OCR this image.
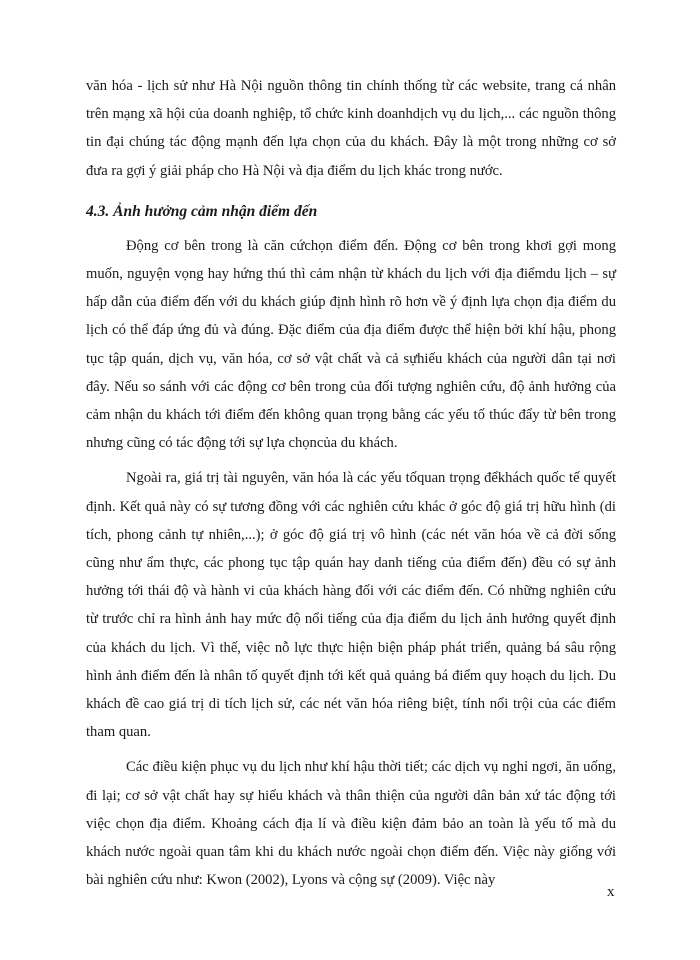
văn hóa - lịch sử như Hà Nội nguồn thông tin chính thống từ các website, trang cá nhân trên mạng xã hội của doanh nghiệp, tổ chức kinh doanhdịch vụ du lịch,... các nguồn thông tin đại chúng tác động mạnh đến lựa chọn của du khách. Đây là một trong những cơ sở đưa ra gợi ý giải pháp cho Hà Nội và địa điểm du lịch khác trong nước.

4.3. Ảnh hưởng cảm nhận điểm đến

Động cơ bên trong là căn cứchọn điểm đến. Động cơ bên trong khơi gợi mong muốn, nguyện vọng hay hứng thú thì cảm nhận từ khách du lịch với địa điểmdu lịch – sự hấp dẫn của điểm đến với du khách giúp định hình rõ hơn về ý định lựa chọn địa điểm du lịch có thể đáp ứng đủ và đúng. Đặc điểm của địa điểm được thể hiện bởi khí hậu, phong tục tập quán, dịch vụ, văn hóa, cơ sở vật chất và cả sựhiếu khách của người dân tại nơi đây. Nếu so sánh với các động cơ bên trong của đối tượng nghiên cứu, độ ảnh hưởng của cảm nhận du khách tới điểm đến không quan trọng bằng các yếu tố thúc đẩy từ bên trong nhưng cũng có tác động tới sự lựa chọncủa du khách.

Ngoài ra, giá trị tài nguyên, văn hóa là các yếu tốquan trọng đểkhách quốc tế quyết định. Kết quả này có sự tương đồng với các nghiên cứu khác ở góc độ giá trị hữu hình (di tích, phong cảnh tự nhiên,...); ở góc độ giá trị vô hình (các nét văn hóa về cả đời sống cũng như ẩm thực, các phong tục tập quán hay danh tiếng của điểm đến) đều có sự ảnh hưởng tới thái độ và hành vi của khách hàng đối với các điểm đến. Có những nghiên cứu từ trước chỉ ra hình ảnh hay mức độ nổi tiếng của địa điểm du lịch ảnh hưởng quyết định của khách du lịch. Vì thế, việc nỗ lực thực hiện biện pháp phát triển, quảng bá sâu rộng hình ảnh điểm đến là nhân tố quyết định tới kết quả quảng bá điểm quy hoạch du lịch. Du khách đề cao giá trị di tích lịch sử, các nét văn hóa riêng biệt, tính nổi trội của các điểm tham quan.

Các điều kiện phục vụ du lịch như khí hậu thời tiết; các dịch vụ nghỉ ngơi, ăn uống, đi lại; cơ sở vật chất hay sự hiếu khách và thân thiện của người dân bản xứ tác động tới việc chọn địa điểm. Khoảng cách địa lí và điều kiện đảm bảo an toàn là yếu tố mà du khách nước ngoài quan tâm khi du khách nước ngoài chọn điểm đến. Việc này giống với bài nghiên cứu như: Kwon (2002), Lyons và cộng sự (2009). Việc này

x
